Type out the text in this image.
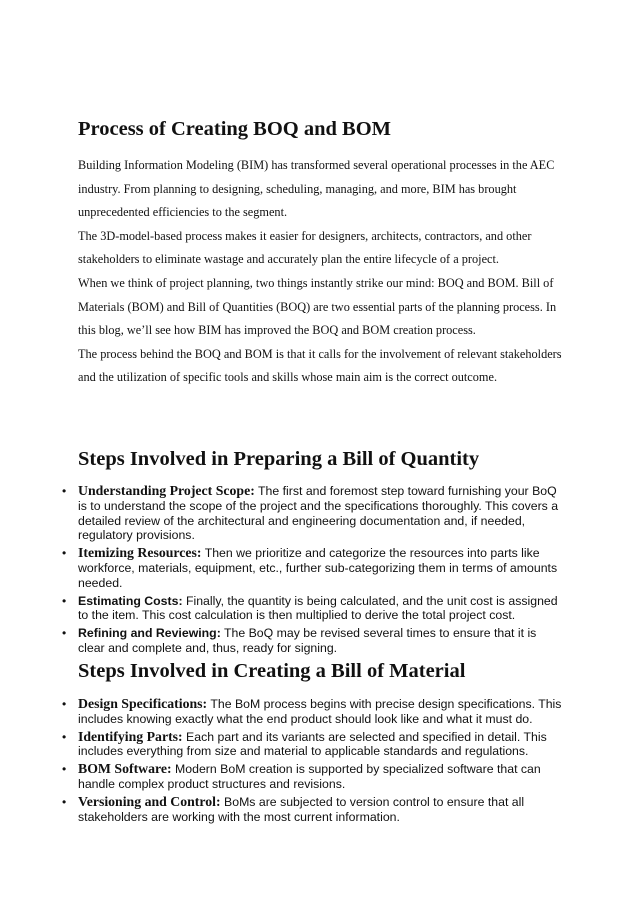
Process of Creating BOQ and BOM

Building Information Modeling (BIM) has transformed several operational processes in the AEC industry. From planning to designing, scheduling, managing, and more, BIM has brought unprecedented efficiencies to the segment.

The 3D-model-based process makes it easier for designers, architects, contractors, and other stakeholders to eliminate wastage and accurately plan the entire lifecycle of a project.

When we think of project planning, two things instantly strike our mind: BOQ and BOM. Bill of Materials (BOM) and Bill of Quantities (BOQ) are two essential parts of the planning process. In this blog, we’ll see how BIM has improved the BOQ and BOM creation process.

The process behind the BOQ and BOM is that it calls for the involvement of relevant stakeholders and the utilization of specific tools and skills whose main aim is the correct outcome.

Steps Involved in Preparing a Bill of Quantity
• Understanding Project Scope: The first and foremost step toward furnishing your BoQ is to understand the scope of the project and the specifications thoroughly. This covers a detailed review of the architectural and engineering documentation and, if needed, regulatory provisions.
• Itemizing Resources: Then we prioritize and categorize the resources into parts like workforce, materials, equipment, etc., further sub-categorizing them in terms of amounts needed.
• Estimating Costs: Finally, the quantity is being calculated, and the unit cost is assigned to the item. This cost calculation is then multiplied to derive the total project cost.
• Refining and Reviewing: The BoQ may be revised several times to ensure that it is clear and complete and, thus, ready for signing.
Steps Involved in Creating a Bill of Material
• Design Specifications: The BoM process begins with precise design specifications. This includes knowing exactly what the end product should look like and what it must do.
• Identifying Parts: Each part and its variants are selected and specified in detail. This includes everything from size and material to applicable standards and regulations.
• BOM Software: Modern BoM creation is supported by specialized software that can handle complex product structures and revisions.
• Versioning and Control: BoMs are subjected to version control to ensure that all stakeholders are working with the most current information.
